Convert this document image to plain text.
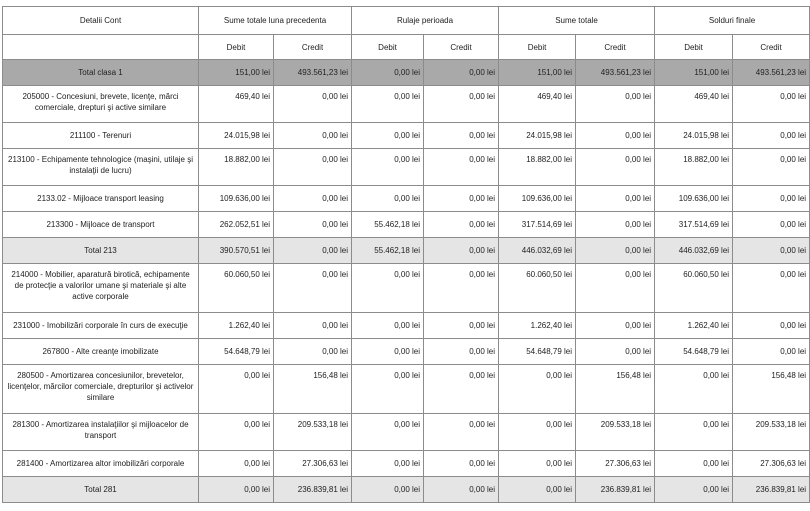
Detalii Cont	Sume totale luna precedenta		Rulaje perioada		Sume totale		Solduri finale	
	Debit	Credit	Debit	Credit	Debit	Credit	Debit	Credit
Total clasa 1	151,00 lei	493.561,23 lei	0,00 lei	0,00 lei	151,00 lei	493.561,23 lei	151,00 lei	493.561,23 lei
205000 - Concesiuni, brevete, licenţe, mărci comerciale, drepturi şi active similare	469,40 lei	0,00 lei	0,00 lei	0,00 lei	469,40 lei	0,00 lei	469,40 lei	0,00 lei
211100 - Terenuri	24.015,98 lei	0,00 lei	0,00 lei	0,00 lei	24.015,98 lei	0,00 lei	24.015,98 lei	0,00 lei
213100 - Echipamente tehnologice (maşini, utilaje şi instalaţii de lucru)	18.882,00 lei	0,00 lei	0,00 lei	0,00 lei	18.882,00 lei	0,00 lei	18.882,00 lei	0,00 lei
2133.02 - Mijloace transport leasing	109.636,00 lei	0,00 lei	0,00 lei	0,00 lei	109.636,00 lei	0,00 lei	109.636,00 lei	0,00 lei
213300 - Mijloace de transport	262.052,51 lei	0,00 lei	55.462,18 lei	0,00 lei	317.514,69 lei	0,00 lei	317.514,69 lei	0,00 lei
Total 213	390.570,51 lei	0,00 lei	55.462,18 lei	0,00 lei	446.032,69 lei	0,00 lei	446.032,69 lei	0,00 lei
214000 - Mobilier, aparatură birotică, echipamente de protecţie a valorilor umane şi materiale şi alte active corporale	60.060,50 lei	0,00 lei	0,00 lei	0,00 lei	60.060,50 lei	0,00 lei	60.060,50 lei	0,00 lei
231000 - Imobilizări corporale în curs de execuţie	1.262,40 lei	0,00 lei	0,00 lei	0,00 lei	1.262,40 lei	0,00 lei	1.262,40 lei	0,00 lei
267800 - Alte creanţe imobilizate	54.648,79 lei	0,00 lei	0,00 lei	0,00 lei	54.648,79 lei	0,00 lei	54.648,79 lei	0,00 lei
280500 - Amortizarea concesiunilor, brevetelor, licenţelor, mărcilor comerciale, drepturilor şi activelor similare	0,00 lei	156,48 lei	0,00 lei	0,00 lei	0,00 lei	156,48 lei	0,00 lei	156,48 lei
281300 - Amortizarea instalaţiilor şi mijloacelor de transport	0,00 lei	209.533,18 lei	0,00 lei	0,00 lei	0,00 lei	209.533,18 lei	0,00 lei	209.533,18 lei
281400 - Amortizarea altor imobilizări corporale	0,00 lei	27.306,63 lei	0,00 lei	0,00 lei	0,00 lei	27.306,63 lei	0,00 lei	27.306,63 lei
Total 281	0,00 lei	236.839,81 lei	0,00 lei	0,00 lei	0,00 lei	236.839,81 lei	0,00 lei	236.839,81 lei
